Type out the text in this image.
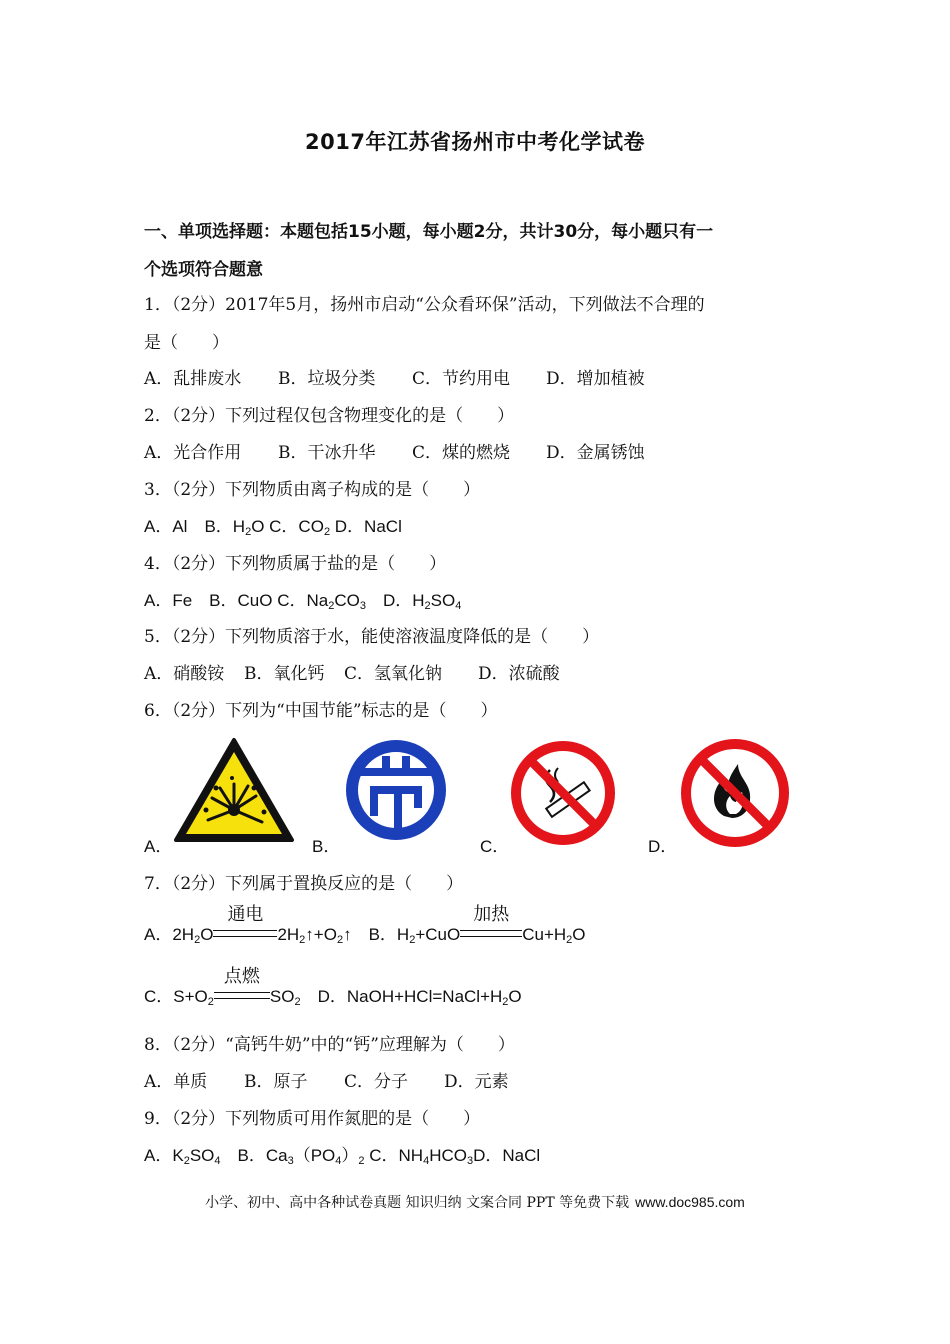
2017年江苏省扬州市中考化学试卷
一、单项选择题：本题包括15小题，每小题2分，共计30分，每小题只有一
个选项符合题意
1．（2分）2017年5月，扬州市启动“公众看环保”活动，下列做法不合理的
是（　　）
A．乱排废水 B．垃圾分类 C．节约用电 D．增加植被
2．（2分）下列过程仅包含物理变化的是（　　）
A．光合作用 B．干冰升华 C．煤的燃烧 D．金属锈蚀
3．（2分）下列物质由离子构成的是（　　）
A．Al　B．$H_2O$ C．$CO_2$ D．NaCl
4．（2分）下列物质属于盐的是（　　）
A．Fe　B．CuO C．$Na_2CO_3$　D．$H_2SO_4$
5．（2分）下列物质溶于水，能使溶液温度降低的是（　　）
A．硝酸铵 B．氧化钙 C．氢氧化钠 D．浓硫酸
6．（2分）下列为“中国节能”标志的是（　　）
A．	B．	C．	D．
7．（2分）下列属于置换反应的是（　　）
A．$2H_2O$
通电
$2H_2↑+O_2↑$　B．$H_2+CuO$
加热
$Cu+H_2O$
C．$S+O_2$
点燃
$SO_2$　D．$NaOH+HCl=NaCl+H_2O$
8．（2分）“高钙牛奶”中的“钙”应理解为（　　）
A．单质 B．原子 C．分子 D．元素
9．（2分）下列物质可用作氮肥的是（　　）
A．$K_2SO_4$　B．$Ca_3(PO_4)_2$ C．$NH_4HCO_3D$．NaCl
小学、初中、高中各种试卷真题 知识归纳 文案合同 PPT 等免费下载 www.doc985.com
